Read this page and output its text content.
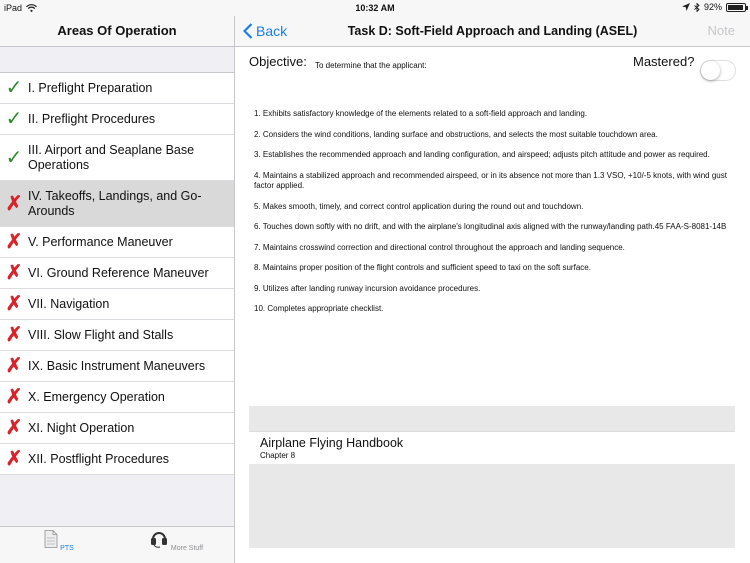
iPad	10:32 AM	92%
Areas Of Operation
✓ I. Preflight Preparation
✓ II. Preflight Procedures
✓ III. Airport and Seaplane Base Operations
✗ IV. Takeoffs, Landings, and Go-Arounds
✗ V. Performance Maneuver
✗ VI. Ground Reference Maneuver
✗ VII. Navigation
✗ VIII. Slow Flight and Stalls
✗ IX. Basic Instrument Maneuvers
✗ X. Emergency Operation
✗ XI. Night Operation
✗ XII. Postflight Procedures
PTS	More Stuff
Back	Task D: Soft-Field Approach and Landing (ASEL)	Note
Objective: To determine that the applicant:	Mastered?

1. Exhibits satisfactory knowledge of the elements related to a soft-field approach and landing.

2. Considers the wind conditions, landing surface and obstructions, and selects the most suitable touchdown area.

3. Establishes the recommended approach and landing configuration, and airspeed; adjusts pitch attitude and power as required.

4. Maintains a stabilized approach and recommended airspeed, or in its absence not more than 1.3 VSO, +10/-5 knots, with wind gust factor applied.

5. Makes smooth, timely, and correct control application during the round out and touchdown.

6. Touches down softly with no drift, and with the airplane's longitudinal axis aligned with the runway/landing path.45 FAA-S-8081-14B

7. Maintains crosswind correction and directional control throughout the approach and landing sequence.

8. Maintains proper position of the flight controls and sufficient speed to taxi on the soft surface.

9. Utilizes after landing runway incursion avoidance procedures.

10. Completes appropriate checklist.

Airplane Flying Handbook
Chapter 8
